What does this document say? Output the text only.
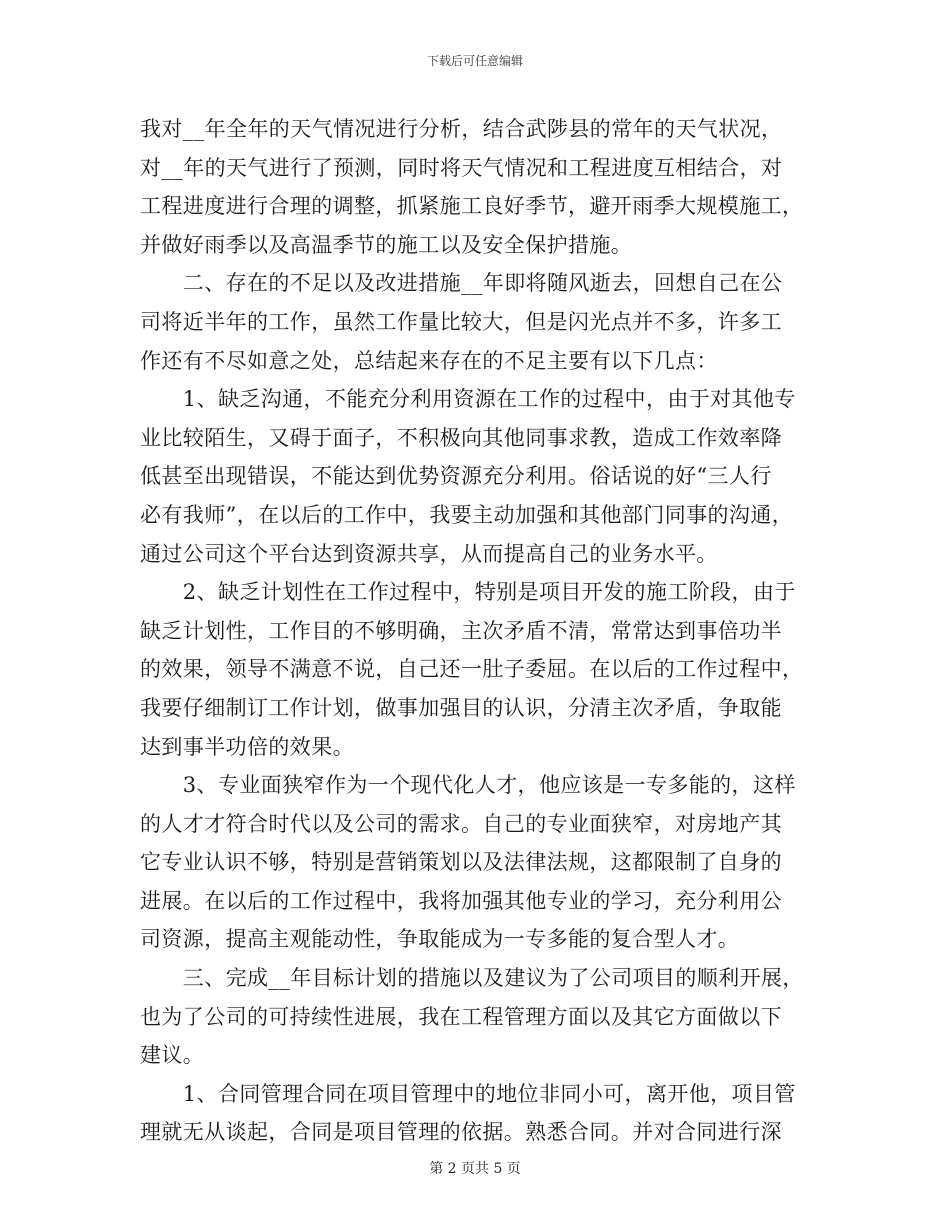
下载后可任意编辑
我对__年全年的天气情况进行分析，结合武陟县的常年的天气状况，
对__年的天气进行了预测，同时将天气情况和工程进度互相结合，对
工程进度进行合理的调整，抓紧施工良好季节，避开雨季大规模施工，
并做好雨季以及高温季节的施工以及安全保护措施。
　　二、存在的不足以及改进措施__年即将随风逝去，回想自己在公
司将近半年的工作，虽然工作量比较大，但是闪光点并不多，许多工
作还有不尽如意之处，总结起来存在的不足主要有以下几点：
　　1、缺乏沟通，不能充分利用资源在工作的过程中，由于对其他专
业比较陌生，又碍于面子，不积极向其他同事求教，造成工作效率降
低甚至出现错误，不能达到优势资源充分利用。俗话说的好“三人行
必有我师”，在以后的工作中，我要主动加强和其他部门同事的沟通，
通过公司这个平台达到资源共享，从而提高自己的业务水平。
　　2、缺乏计划性在工作过程中，特别是项目开发的施工阶段，由于
缺乏计划性，工作目的不够明确，主次矛盾不清，常常达到事倍功半
的效果，领导不满意不说，自己还一肚子委屈。在以后的工作过程中，
我要仔细制订工作计划，做事加强目的认识，分清主次矛盾，争取能
达到事半功倍的效果。
　　3、专业面狭窄作为一个现代化人才，他应该是一专多能的，这样
的人才才符合时代以及公司的需求。自己的专业面狭窄，对房地产其
它专业认识不够，特别是营销策划以及法律法规，这都限制了自身的
进展。在以后的工作过程中，我将加强其他专业的学习，充分利用公
司资源，提高主观能动性，争取能成为一专多能的复合型人才。
　　三、完成__年目标计划的措施以及建议为了公司项目的顺利开展，
也为了公司的可持续性进展，我在工程管理方面以及其它方面做以下
建议。
　　1、合同管理合同在项目管理中的地位非同小可，离开他，项目管
理就无从谈起，合同是项目管理的依据。熟悉合同。并对合同进行深
第 2 页共 5 页
